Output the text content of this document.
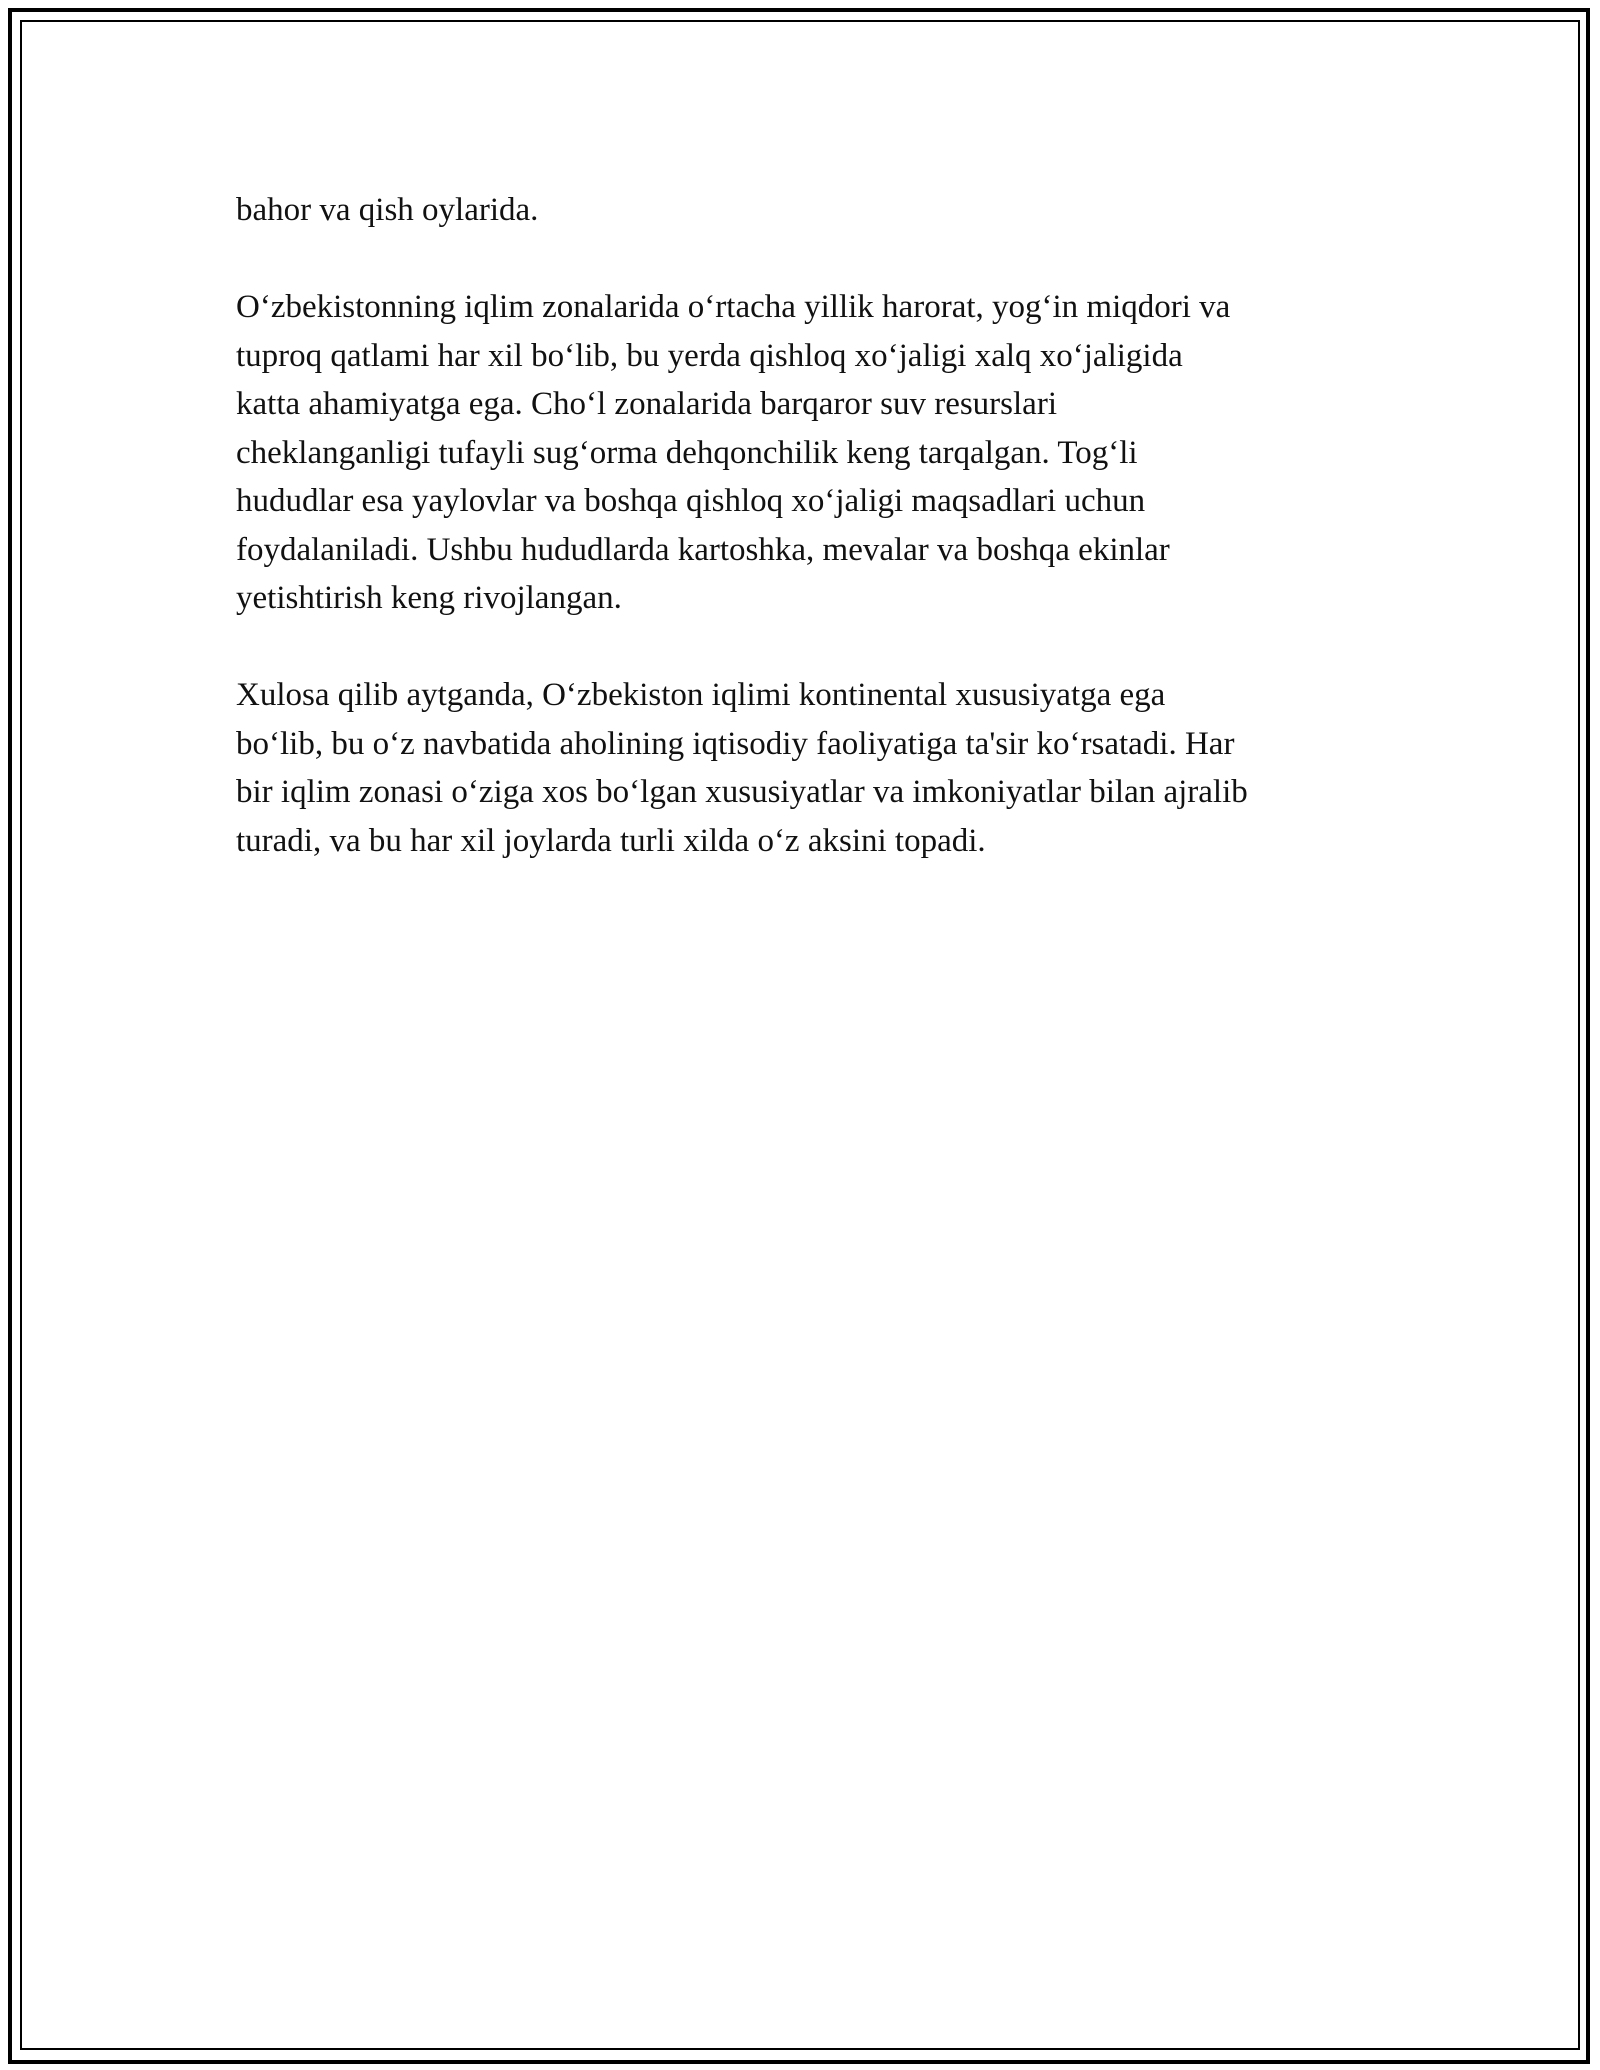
bahor va qish oylarida.

O‘zbekistonning iqlim zonalarida o‘rtacha yillik harorat, yog‘in miqdori va
tuproq qatlami har xil bo‘lib, bu yerda qishloq xo‘jaligi xalq xo‘jaligida
katta ahamiyatga ega. Cho‘l zonalarida barqaror suv resurslari
cheklanganligi tufayli sug‘orma dehqonchilik keng tarqalgan. Tog‘li
hududlar esa yaylovlar va boshqa qishloq xo‘jaligi maqsadlari uchun
foydalaniladi. Ushbu hududlarda kartoshka, mevalar va boshqa ekinlar
yetishtirish keng rivojlangan.

Xulosa qilib aytganda, O‘zbekiston iqlimi kontinental xususiyatga ega
bo‘lib, bu o‘z navbatida aholining iqtisodiy faoliyatiga ta'sir ko‘rsatadi. Har
bir iqlim zonasi o‘ziga xos bo‘lgan xususiyatlar va imkoniyatlar bilan ajralib
turadi, va bu har xil joylarda turli xilda o‘z aksini topadi.
